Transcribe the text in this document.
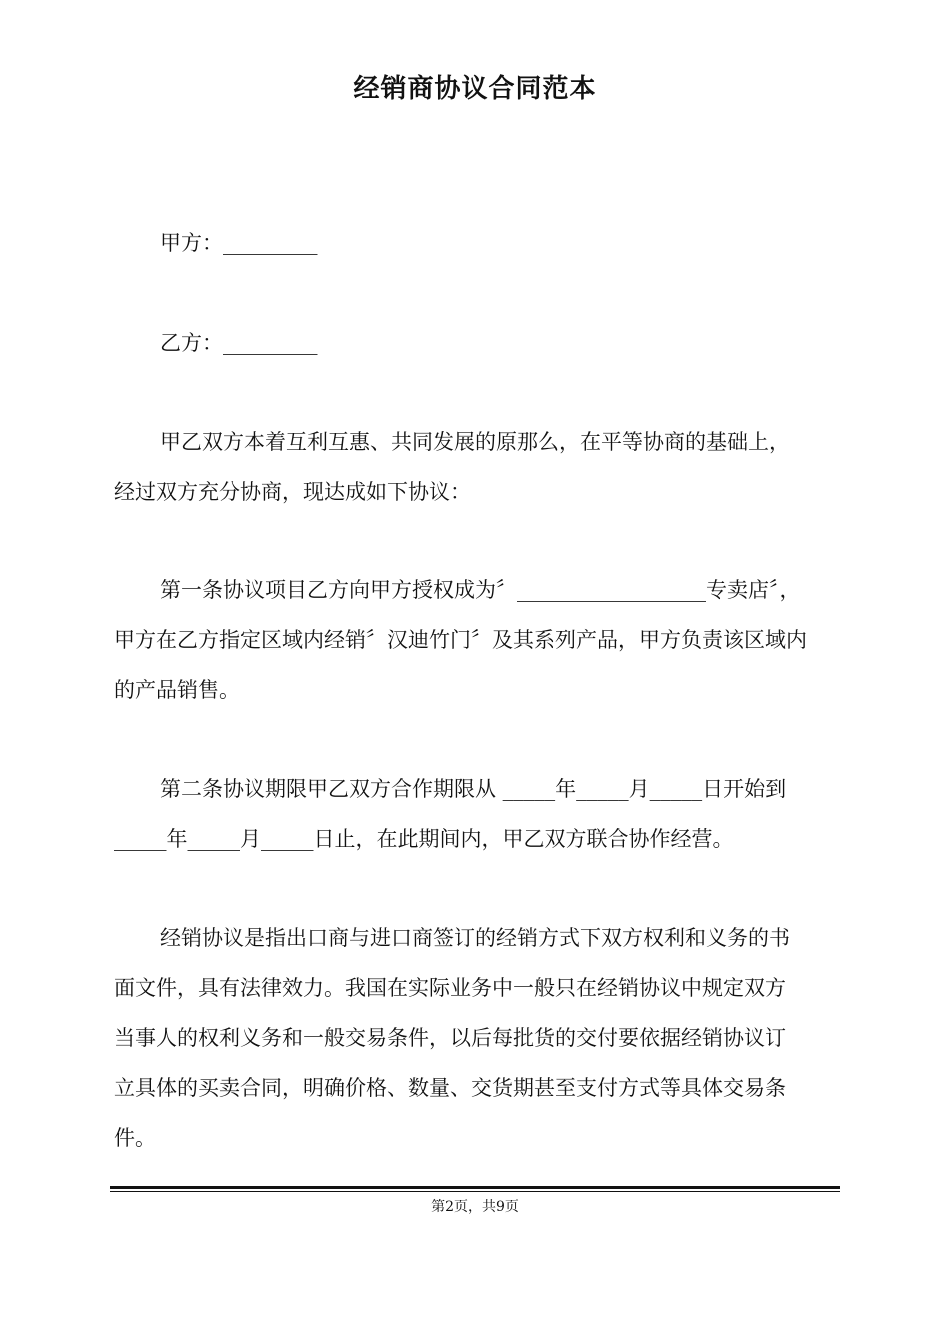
经销商协议合同范本
甲方：_________
乙方：_________
甲乙双方本着互利互惠、共同发展的原那么，在平等协商的基础上，
经过双方充分协商，现达成如下协议：
第一条协议项目乙方向甲方授权成为〞__________________专卖店〞，
甲方在乙方指定区域内经销〞汉迪竹门〞及其系列产品，甲方负责该区域内
的产品销售。
第二条协议期限甲乙双方合作期限从 _____年_____月_____日开始到
_____年_____月_____日止，在此期间内，甲乙双方联合协作经营。
经销协议是指出口商与进口商签订的经销方式下双方权利和义务的书
面文件，具有法律效力。我国在实际业务中一般只在经销协议中规定双方
当事人的权利义务和一般交易条件，以后每批货的交付要依据经销协议订
立具体的买卖合同，明确价格、数量、交货期甚至支付方式等具体交易条
件。
第2页，共9页
